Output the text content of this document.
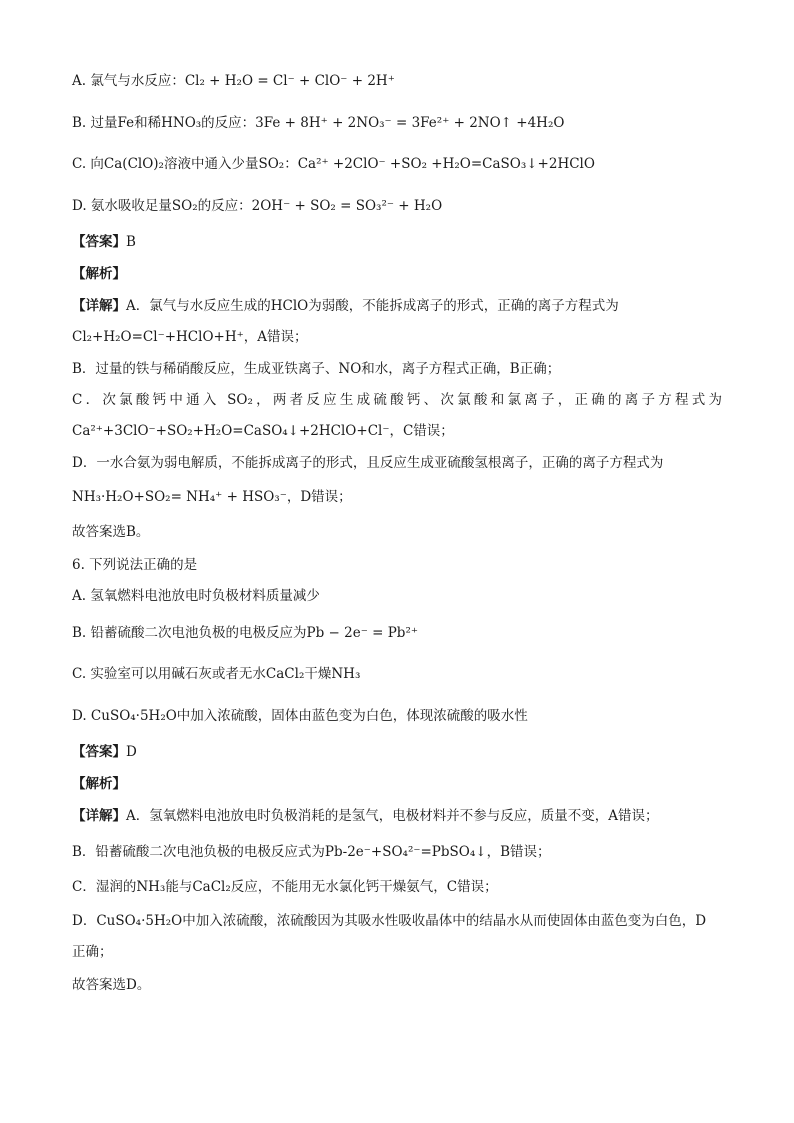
A. 氯气与水反应：Cl₂ + H₂O = Cl⁻ + ClO⁻ + 2H⁺
B. 过量Fe和稀HNO₃的反应：3Fe + 8H⁺ + 2NO₃⁻ = 3Fe²⁺ + 2NO↑ +4H₂O
C. 向Ca(ClO)₂溶液中通入少量SO₂：Ca²⁺ +2ClO⁻ +SO₂ +H₂O=CaSO₃↓+2HClO
D. 氨水吸收足量SO₂的反应：2OH⁻ + SO₂ = SO₃²⁻ + H₂O
【答案】B
【解析】
【详解】A．氯气与水反应生成的HClO为弱酸，不能拆成离子的形式，正确的离子方程式为
Cl₂+H₂O=Cl⁻+HClO+H⁺，A错误；
B．过量的铁与稀硝酸反应，生成亚铁离子、NO和水，离子方程式正确，B正确；
C．次氯酸钙中通入 SO₂，两者反应生成硫酸钙、次氯酸和氯离子，正确的离子方程式为
Ca²⁺+3ClO⁻+SO₂+H₂O=CaSO₄↓+2HClO+Cl⁻，C错误；
D．一水合氨为弱电解质，不能拆成离子的形式，且反应生成亚硫酸氢根离子，正确的离子方程式为
NH₃·H₂O+SO₂= NH₄⁺ + HSO₃⁻，D错误；
故答案选B。
6. 下列说法正确的是
A. 氢氧燃料电池放电时负极材料质量减少
B. 铅蓄硫酸二次电池负极的电极反应为Pb − 2e⁻ = Pb²⁺
C. 实验室可以用碱石灰或者无水CaCl₂干燥NH₃
D. CuSO₄·5H₂O中加入浓硫酸，固体由蓝色变为白色，体现浓硫酸的吸水性
【答案】D
【解析】
【详解】A．氢氧燃料电池放电时负极消耗的是氢气，电极材料并不参与反应，质量不变，A错误；
B．铅蓄硫酸二次电池负极的电极反应式为Pb-2e⁻+SO₄²⁻=PbSO₄↓，B错误；
C．湿润的NH₃能与CaCl₂反应，不能用无水氯化钙干燥氨气，C错误；
D．CuSO₄·5H₂O中加入浓硫酸，浓硫酸因为其吸水性吸收晶体中的结晶水从而使固体由蓝色变为白色，D
正确；
故答案选D。
